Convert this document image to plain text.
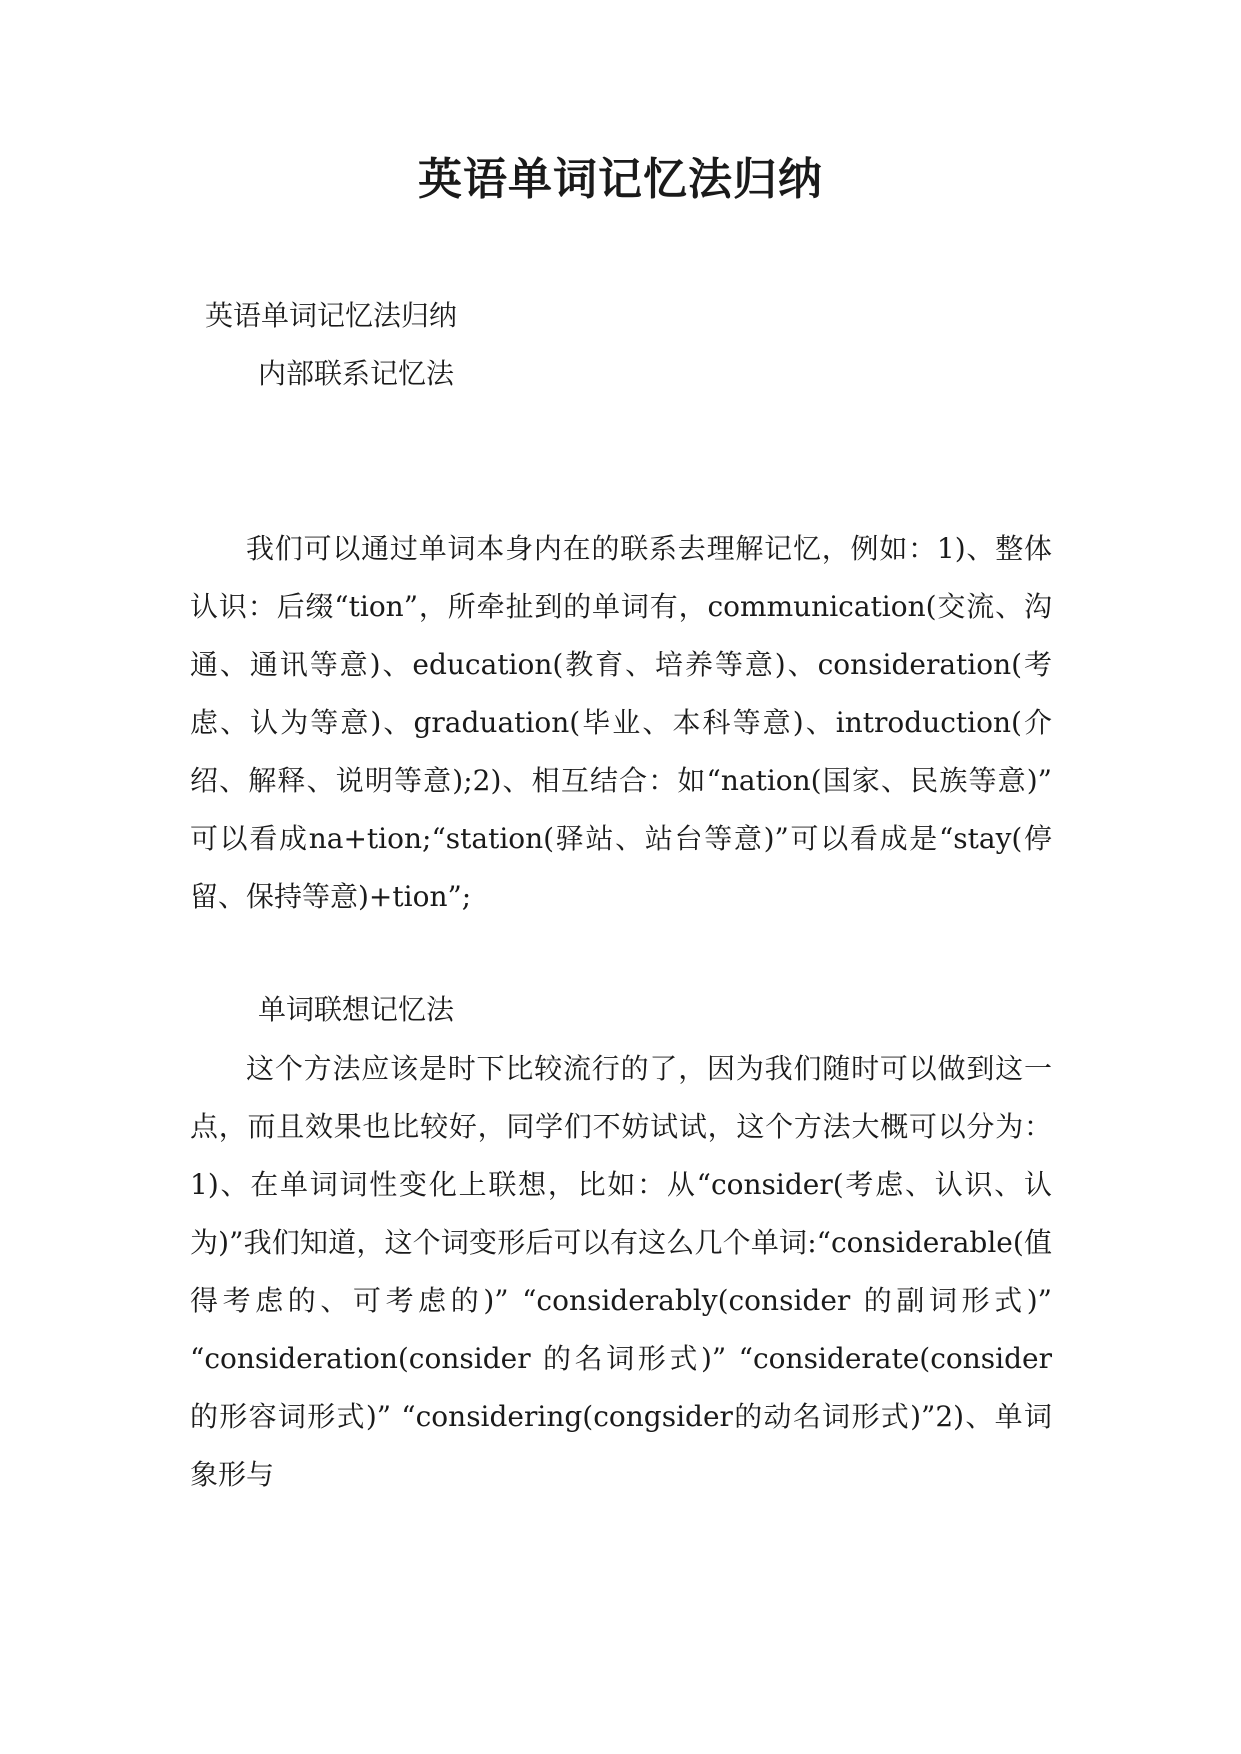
英语单词记忆法归纳
英语单词记忆法归纳
内部联系记忆法

我们可以通过单词本身内在的联系去理解记忆，例如：1)、整体认识：后缀“tion”，所牵扯到的单词有，communication(交流、沟通、通讯等意)、education(教育、培养等意)、consideration(考虑、认为等意)、graduation(毕业、本科等意)、introduction(介绍、解释、说明等意);2)、相互结合：如“nation(国家、民族等意)” 可以看成na+tion;“station(驿站、站台等意)”可以看成是“stay(停留、保持等意)+tion”;

单词联想记忆法

这个方法应该是时下比较流行的了，因为我们随时可以做到这一点，而且效果也比较好，同学们不妨试试，这个方法大概可以分为：1)、在单词词性变化上联想，比如：从“consider(考虑、认识、认为)”我们知道，这个词变形后可以有这么几个单词:“considerable(值得考虑的、可考虑的)” “considerably(consider 的副词形式)” “consideration(consider 的名词形式)” “considerate(consider 的形容词形式)” “considering(congsider的动名词形式)”2)、单词象形与
